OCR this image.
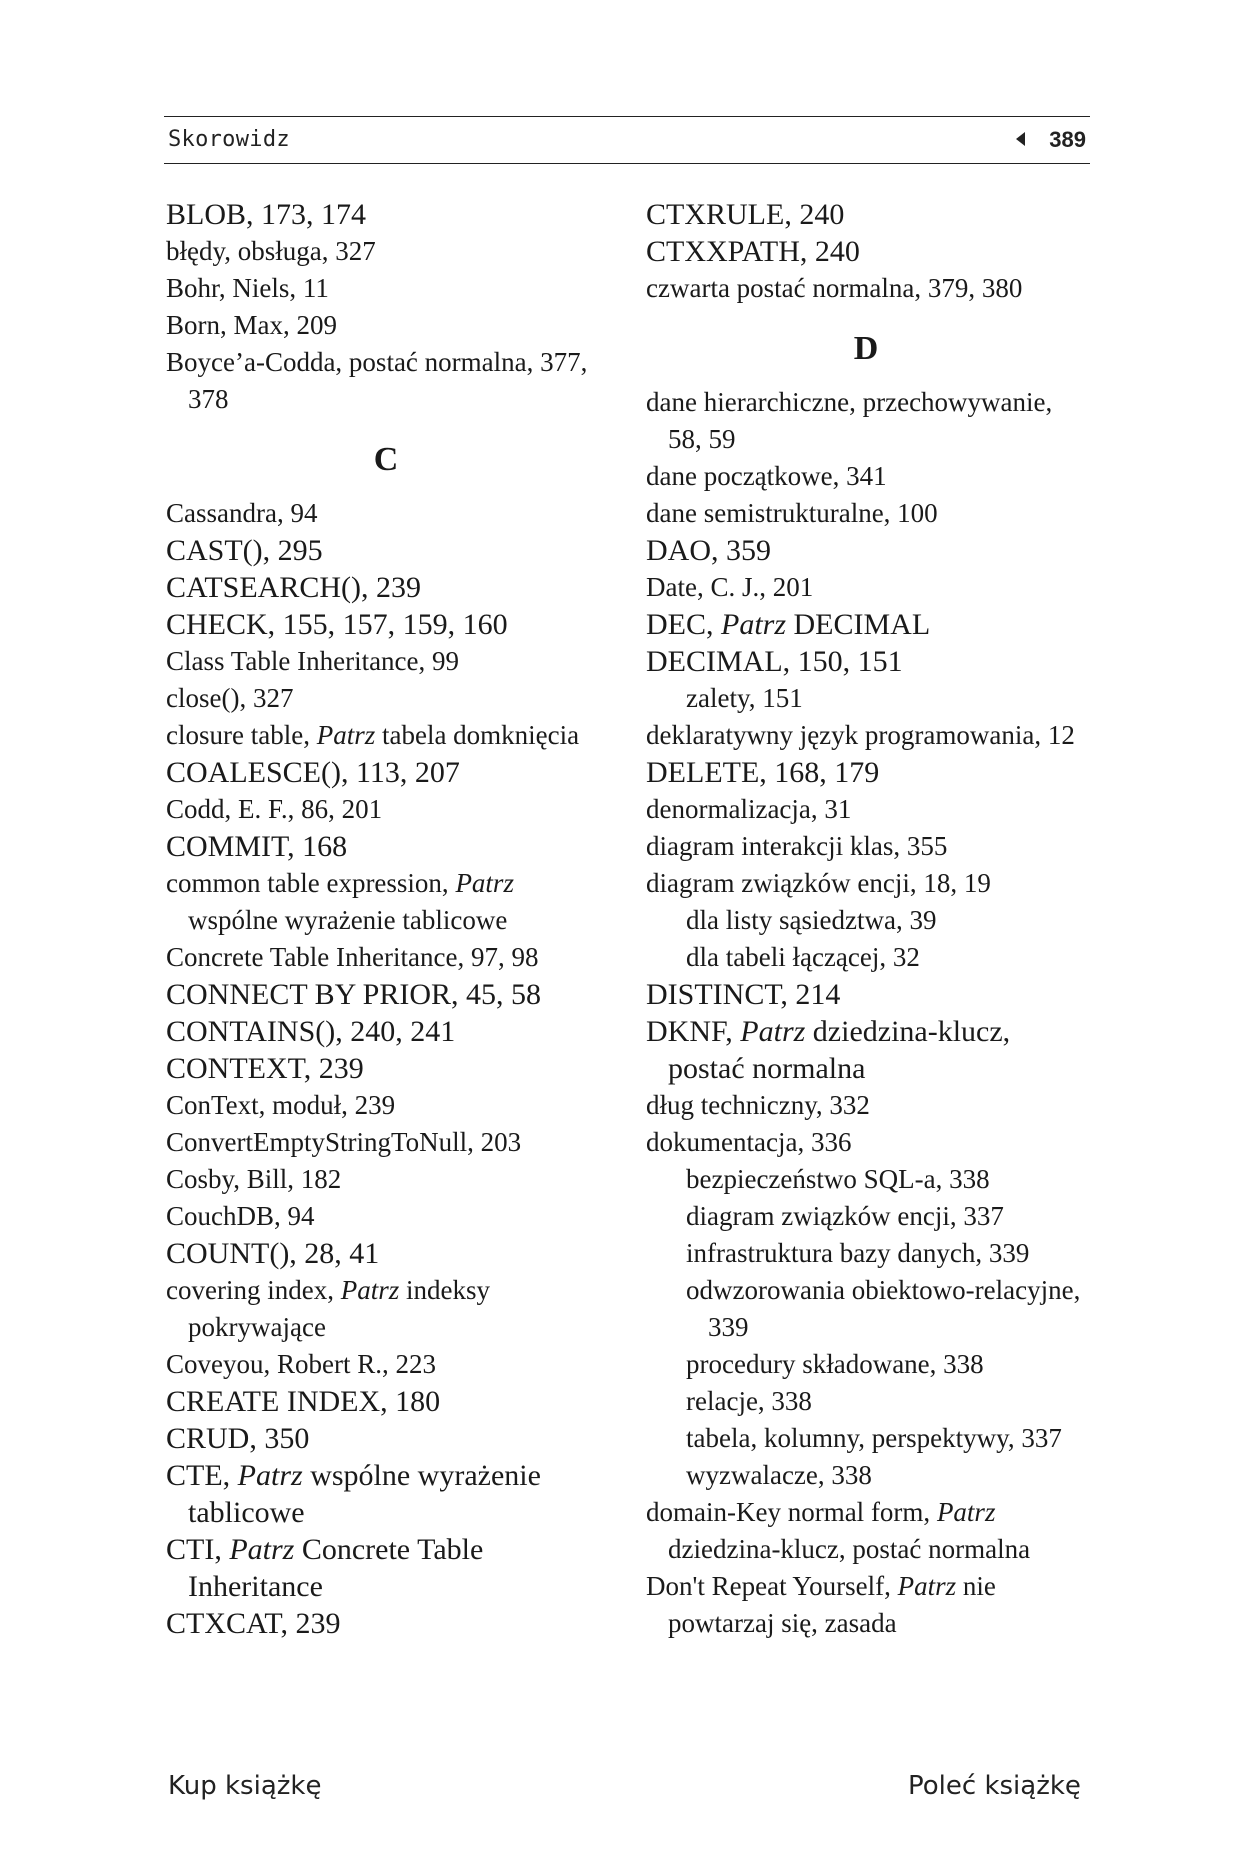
Skorowidz	389
BLOB, 173, 174
błędy, obsługa, 327
Bohr, Niels, 11
Born, Max, 209
Boyce’a-Codda, postać normalna, 377, 378
C
Cassandra, 94
CAST(), 295
CATSEARCH(), 239
CHECK, 155, 157, 159, 160
Class Table Inheritance, 99
close(), 327
closure table, Patrz tabela domknięcia
COALESCE(), 113, 207
Codd, E. F., 86, 201
COMMIT, 168
common table expression, Patrz wspólne wyrażenie tablicowe
Concrete Table Inheritance, 97, 98
CONNECT BY PRIOR, 45, 58
CONTAINS(), 240, 241
CONTEXT, 239
ConText, moduł, 239
ConvertEmptyStringToNull, 203
Cosby, Bill, 182
CouchDB, 94
COUNT(), 28, 41
covering index, Patrz indeksy pokrywające
Coveyou, Robert R., 223
CREATE INDEX, 180
CRUD, 350
CTE, Patrz wspólne wyrażenie tablicowe
CTI, Patrz Concrete Table Inheritance
CTXCAT, 239
CTXRULE, 240
CTXXPATH, 240
czwarta postać normalna, 379, 380
D
dane hierarchiczne, przechowywanie, 58, 59
dane początkowe, 341
dane semistrukturalne, 100
DAO, 359
Date, C. J., 201
DEC, Patrz DECIMAL
DECIMAL, 150, 151
zalety, 151
deklaratywny język programowania, 12
DELETE, 168, 179
denormalizacja, 31
diagram interakcji klas, 355
diagram związków encji, 18, 19
dla listy sąsiedztwa, 39
dla tabeli łączącej, 32
DISTINCT, 214
DKNF, Patrz dziedzina-klucz, postać normalna
dług techniczny, 332
dokumentacja, 336
bezpieczeństwo SQL-a, 338
diagram związków encji, 337
infrastruktura bazy danych, 339
odwzorowania obiektowo-relacyjne, 339
procedury składowane, 338
relacje, 338
tabela, kolumny, perspektywy, 337
wyzwalacze, 338
domain-Key normal form, Patrz dziedzina-klucz, postać normalna
Don't Repeat Yourself, Patrz nie powtarzaj się, zasada
Kup książkę	Poleć książkę
